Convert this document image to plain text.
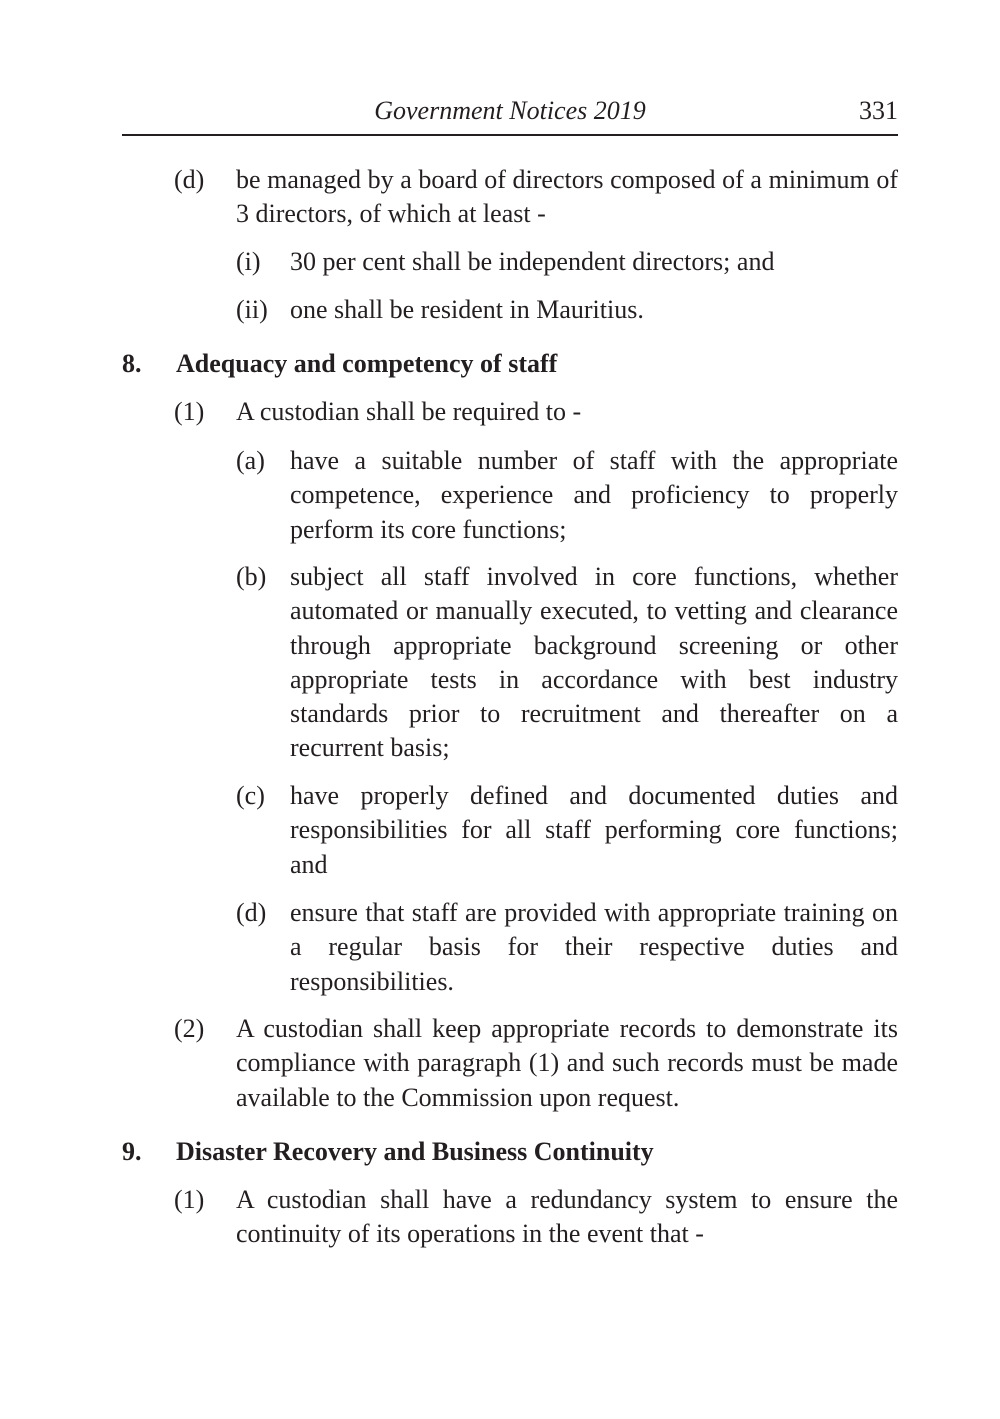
Government Notices 2019	331
(d) be managed by a board of directors composed of a minimum of 3 directors, of which at least -
(i) 30 per cent shall be independent directors; and
(ii) one shall be resident in Mauritius.
8. Adequacy and competency of staff
(1) A custodian shall be required to -
(a) have a suitable number of staff with the appropriate competence, experience and proficiency to properly perform its core functions;
(b) subject all staff involved in core functions, whether automated or manually executed, to vetting and clearance through appropriate background screening or other appropriate tests in accordance with best industry standards prior to recruitment and thereafter on a recurrent basis;
(c) have properly defined and documented duties and responsibilities for all staff performing core functions; and
(d) ensure that staff are provided with appropriate training on a regular basis for their respective duties and responsibilities.
(2) A custodian shall keep appropriate records to demonstrate its compliance with paragraph (1) and such records must be made available to the Commission upon request.
9. Disaster Recovery and Business Continuity
(1) A custodian shall have a redundancy system to ensure the continuity of its operations in the event that -
